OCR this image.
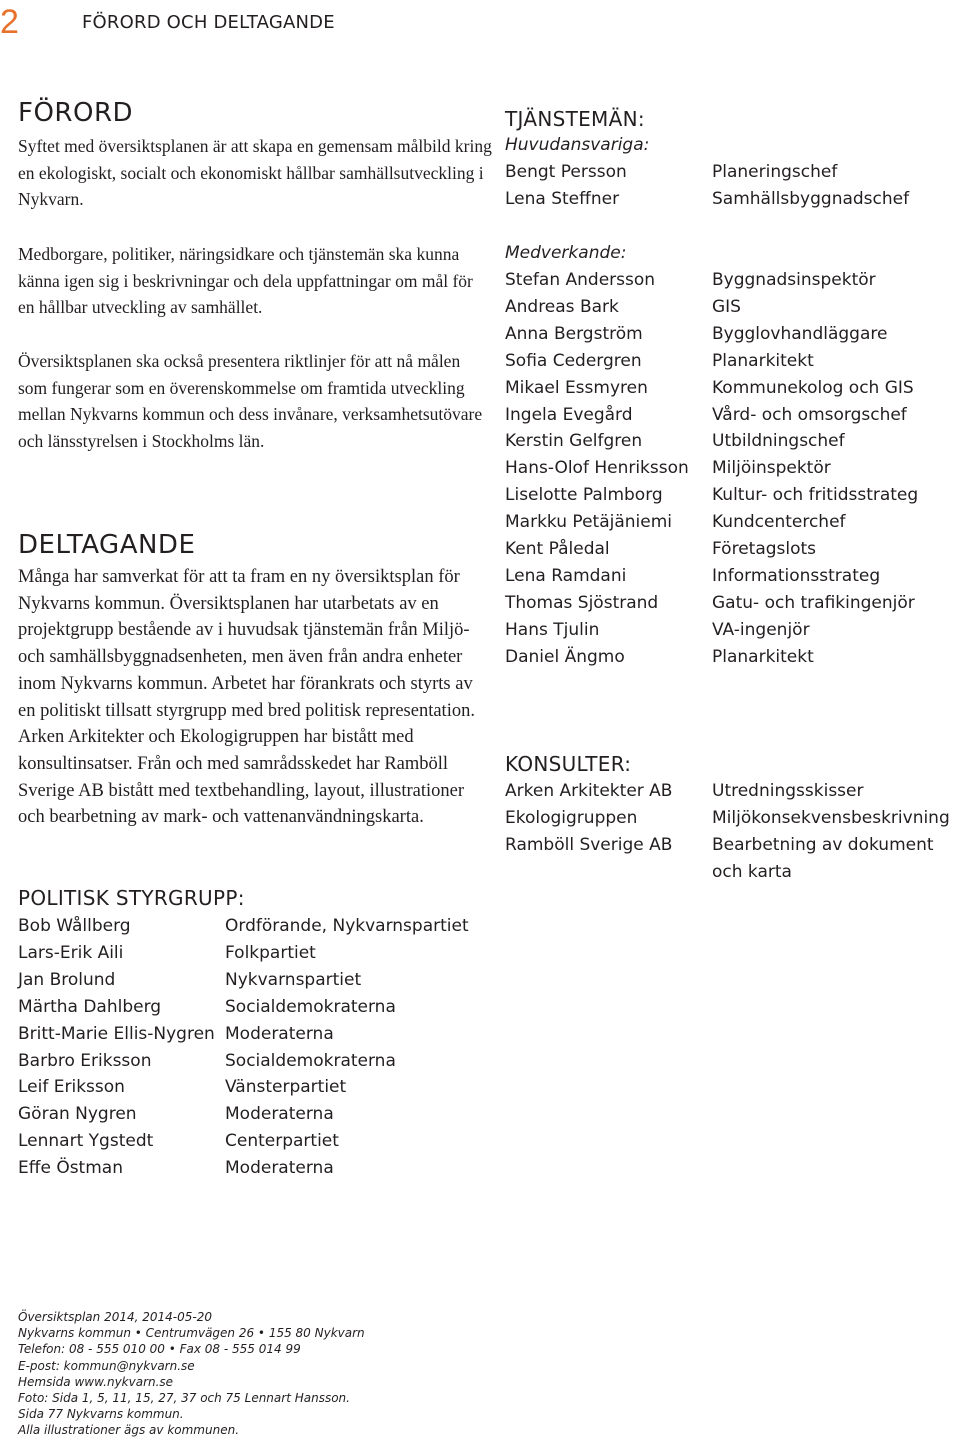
2	FÖRORD OCH DELTAGANDE
FÖRORD

Syftet med översiktsplanen är att skapa en gemensam målbild kring en ekologiskt, socialt och ekonomiskt hållbar samhällsutveckling i Nykvarn.

Medborgare, politiker, näringsidkare och tjänstemän ska kunna känna igen sig i beskrivningar och dela uppfattningar om mål för en hållbar utveckling av samhället.

Översiktsplanen ska också presentera riktlinjer för att nå målen som fungerar som en överenskommelse om framtida utveckling mellan Nykvarns kommun och dess invånare, verksamhetsutövare och länsstyrelsen i Stockholms län.

DELTAGANDE

Många har samverkat för att ta fram en ny översiktsplan för Nykvarns kommun. Översiktsplanen har utarbetats av en projektgrupp bestående av i huvudsak tjänstemän från Miljö- och samhällsbyggnadsenheten, men även från andra enheter inom Nykvarns kommun. Arbetet har förankrats och styrts av en politiskt tillsatt styrgrupp med bred politisk representation. Arken Arkitekter och Ekologigruppen har bistått med konsultinsatser. Från och med samrådsskedet har Ramböll Sverige AB bistått med textbehandling, layout, illustrationer och bearbetning av mark- och vattenanvändningskarta.

POLITISK STYRGRUPP:
Bob Wållberg
Lars-Erik Aili
Jan Brolund
Märtha Dahlberg
Britt-Marie Ellis-Nygren
Barbro Eriksson
Leif Eriksson
Göran Nygren
Lennart Ygstedt
Effe Östman
Ordförande, Nykvarnspartiet
Folkpartiet
Nykvarnspartiet
Socialdemokraterna
Moderaterna
Socialdemokraterna
Vänsterpartiet
Moderaterna
Centerpartiet
Moderaterna
TJÄNSTEMÄN:
Huvudansvariga:
Bengt Persson
Lena Steffner
Planeringschef
Samhällsbyggnadschef
Medverkande:
Stefan Andersson
Andreas Bark
Anna Bergström
Sofia Cedergren
Mikael Essmyren
Ingela Evegård
Kerstin Gelfgren
Hans-Olof Henriksson
Liselotte Palmborg
Markku Petäjäniemi
Kent Påledal
Lena Ramdani
Thomas Sjöstrand
Hans Tjulin
Daniel Ängmo
Byggnadsinspektör
GIS
Bygglovhandläggare
Planarkitekt
Kommunekolog och GIS
Vård- och omsorgschef
Utbildningschef
Miljöinspektör
Kultur- och fritidsstrateg
Kundcenterchef
Företagslots
Informationsstrateg
Gatu- och trafikingenjör
VA-ingenjör
Planarkitekt
KONSULTER:
Arken Arkitekter AB
Ekologigruppen
Ramböll Sverige AB
Utredningsskisser
Miljökonsekvensbeskrivning
Bearbetning av dokument och karta
Översiktsplan 2014, 2014-05-20
Nykvarns kommun • Centrumvägen 26 • 155 80 Nykvarn
Telefon: 08 - 555 010 00 • Fax 08 - 555 014 99
E-post: kommun@nykvarn.se
Hemsida www.nykvarn.se
Foto: Sida 1, 5, 11, 15, 27, 37 och 75 Lennart Hansson.
Sida 77 Nykvarns kommun.
Alla illustrationer ägs av kommunen.
